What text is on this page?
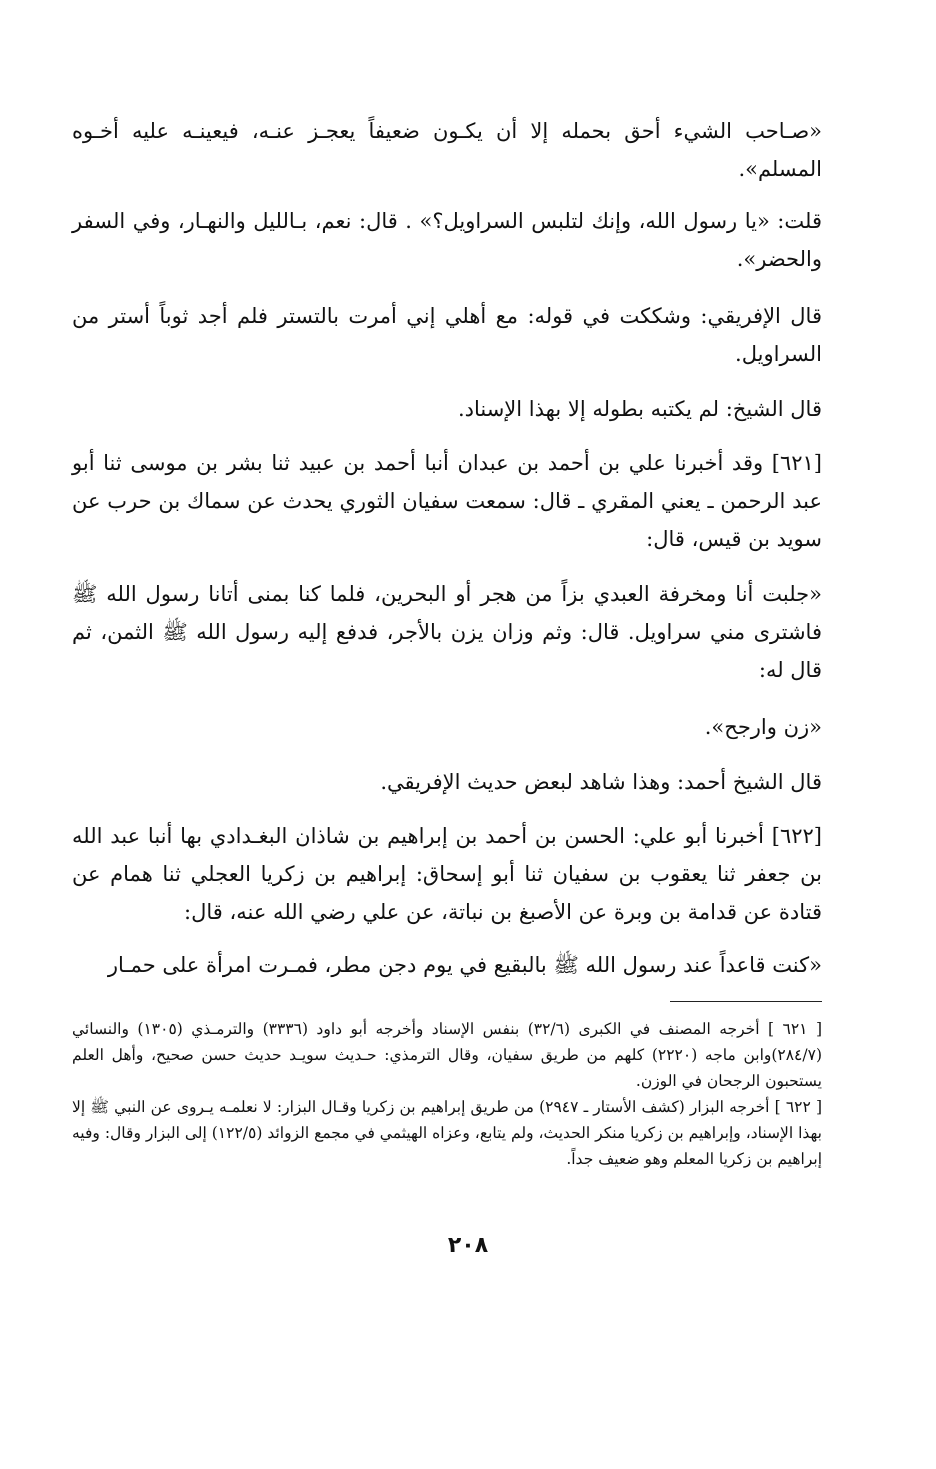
«صـاحب الشيء أحق بحمله إلا أن يكـون ضعيفاً يعجـز عنـه، فيعينـه عليه أخـوه المسلم».

قلت: «يا رسول الله، وإنك لتلبس السراويل؟» . قال: نعم، بـالليل والنهـار، وفي السفر والحضر».

قال الإفريقي: وشككت في قوله: مع أهلي إني أمرت بالتستر فلم أجد ثوباً أستر من السراويل.

قال الشيخ: لم يكتبه بطوله إلا بهذا الإسناد.

[٦٢١] وقد أخبرنا علي بن أحمد بن عبدان أنبا أحمد بن عبيد ثنا بشر بن موسى ثنا أبو عبد الرحمن ـ يعني المقري ـ قال: سمعت سفيان الثوري يحدث عن سماك بن حرب عن سويد بن قيس، قال:

«جلبت أنا ومخرفة العبدي بزاً من هجر أو البحرين، فلما كنا بمنى أتانا رسول الله ﷺ فاشترى مني سراويل. قال: وثم وزان يزن بالأجر، فدفع إليه رسول الله ﷺ الثمن، ثم قال له:

«زن وارجح».

قال الشيخ أحمد: وهذا شاهد لبعض حديث الإفريقي.

[٦٢٢] أخبرنا أبو علي: الحسن بن أحمد بن إبراهيم بن شاذان البغـدادي بها أنبا عبد الله بن جعفر ثنا يعقوب بن سفيان ثنا أبو إسحاق: إبراهيم بن زكريا العجلي ثنا همام عن قتادة عن قدامة بن وبرة عن الأصبغ بن نباتة، عن علي رضي الله عنه، قال:

«كنت قاعداً عند رسول الله ﷺ بالبقيع في يوم دجن مطر، فمـرت امرأة على حمـار

[ ٦٢١ ] أخرجه المصنف في الكبرى (٣٢/٦) بنفس الإسناد وأخرجه أبو داود (٣٣٣٦) والترمـذي (١٣٠٥) والنسائي (٢٨٤/٧)وابن ماجه (٢٢٢٠) كلهم من طريق سفيان، وقال الترمذي: حـديث سويـد حديث حسن صحيح، وأهل العلم يستحبون الرجحان في الوزن.

[ ٦٢٢ ] أخرجه البزار (كشف الأستار ـ ٢٩٤٧) من طريق إبراهيم بن زكريا وقـال البزار: لا نعلمـه يـروى عن النبي ﷺ إلا بهذا الإسناد، وإبراهيم بن زكريا منكر الحديث، ولم يتابع، وعزاه الهيثمي في مجمع الزوائد (١٢٢/٥) إلى البزار وقال: وفيه إبراهيم بن زكريا المعلم وهو ضعيف جداً.

٢٠٨
